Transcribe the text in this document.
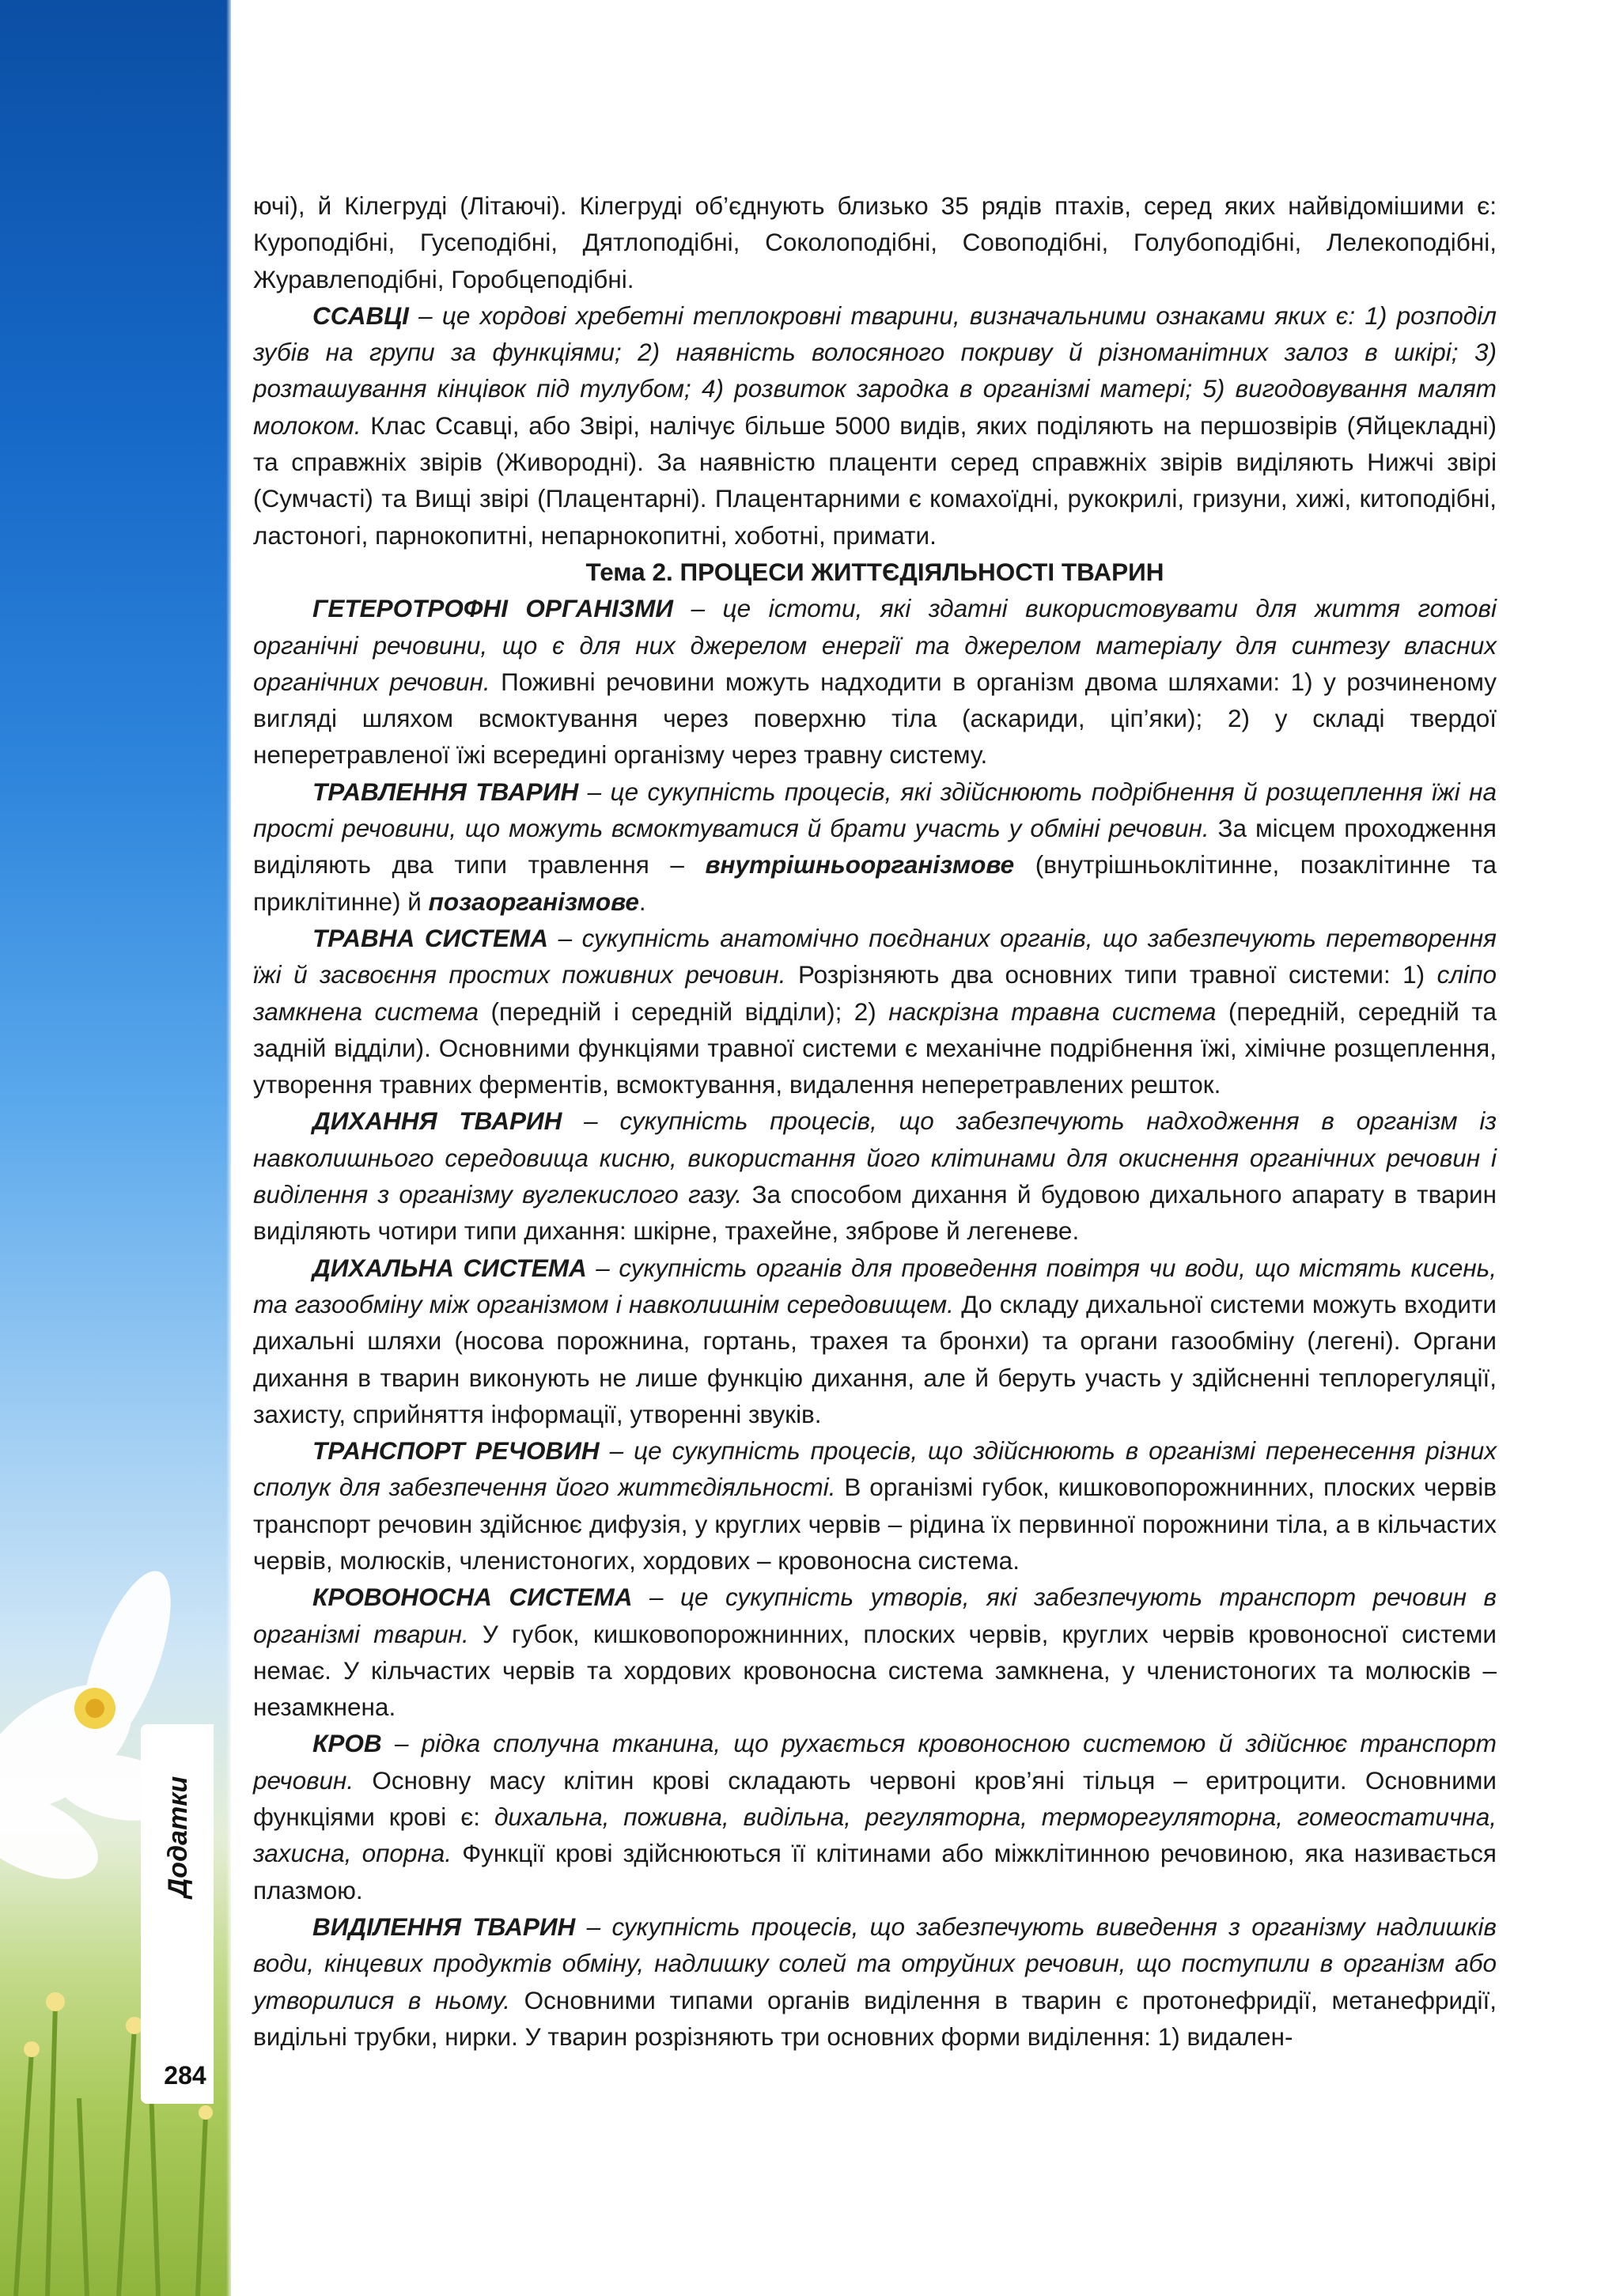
Додатки
284

ючі), й Кілегруді (Літаючі). Кілегруді об’єднують близько 35 рядів птахів, серед яких найвідомішими є: Куроподібні, Гусеподібні, Дятлоподібні, Соколоподібні, Совоподібні, Голубоподібні, Лелекоподібні, Журавлеподібні, Горобцеподібні.

ССАВЦІ – це хордові хребетні теплокровні тварини, визначальними ознаками яких є: 1) розподіл зубів на групи за функціями; 2) наявність волосяного покриву й різноманітних залоз в шкірі; 3) розташування кінцівок під тулубом; 4) розвиток зародка в організмі матері; 5) вигодовування малят молоком. Клас Ссавці, або Звірі, налічує більше 5000 видів, яких поділяють на першозвірів (Яйцекладні) та справжніх звірів (Живородні). За наявністю плаценти серед справжніх звірів виділяють Нижчі звірі (Сумчасті) та Вищі звірі (Плацентарні). Плацентарними є комахоїдні, рукокрилі, гризуни, хижі, китоподібні, ластоногі, парнокопитні, непарнокопитні, хоботні, примати.

Тема 2. ПРОЦЕСИ ЖИТТЄДІЯЛЬНОСТІ ТВАРИН

ГЕТЕРОТРОФНІ ОРГАНІЗМИ – це істоти, які здатні використовувати для життя готові органічні речовини, що є для них джерелом енергії та джерелом матеріалу для синтезу власних органічних речовин. Поживні речовини можуть надходити в організм двома шляхами: 1) у розчиненому вигляді шляхом всмоктування через поверхню тіла (аскариди, ціп’яки); 2) у складі твердої неперетравленої їжі всередині організму через травну систему.

ТРАВЛЕННЯ ТВАРИН – це сукупність процесів, які здійснюють подрібнення й розщеплення їжі на прості речовини, що можуть всмоктуватися й брати участь у обміні речовин. За місцем проходження виділяють два типи травлення – внутрішньоорганізмове (внутрішньоклітинне, позаклітинне та приклітинне) й позаорганізмове.

ТРАВНА СИСТЕМА – сукупність анатомічно поєднаних органів, що забезпечують перетворення їжі й засвоєння простих поживних речовин. Розрізняють два основних типи травної системи: 1) сліпо замкнена система (передній і середній відділи); 2) наскрізна травна система (передній, середній та задній відділи). Основними функціями травної системи є механічне подрібнення їжі, хімічне розщеплення, утворення травних ферментів, всмоктування, видалення неперетравлених решток.

ДИХАННЯ ТВАРИН – сукупність процесів, що забезпечують надходження в організм із навколишнього середовища кисню, використання його клітинами для окиснення органічних речовин і виділення з організму вуглекислого газу. За способом дихання й будовою дихального апарату в тварин виділяють чотири типи дихання: шкірне, трахейне, зяброве й легеневе.

ДИХАЛЬНА СИСТЕМА – сукупність органів для проведення повітря чи води, що містять кисень, та газообміну між організмом і навколишнім середовищем. До складу дихальної системи можуть входити дихальні шляхи (носова порожнина, гортань, трахея та бронхи) та органи газообміну (легені). Органи дихання в тварин виконують не лише функцію дихання, але й беруть участь у здійсненні теплорегуляції, захисту, сприйняття інформації, утворенні звуків.

ТРАНСПОРТ РЕЧОВИН – це сукупність процесів, що здійснюють в організмі перенесення різних сполук для забезпечення його життєдіяльності. В організмі губок, кишковопорожнинних, плоских червів транспорт речовин здійснює дифузія, у круглих червів – рідина їх первинної порожнини тіла, а в кільчастих червів, молюсків, членистоногих, хордових – кровоносна система.

КРОВОНОСНА СИСТЕМА – це сукупність утворів, які забезпечують транспорт речовин в організмі тварин. У губок, кишковопорожнинних, плоских червів, круглих червів кровоносної системи немає. У кільчастих червів та хордових кровоносна система замкнена, у членистоногих та молюсків – незамкнена.

КРОВ – рідка сполучна тканина, що рухається кровоносною системою й здійснює транспорт речовин. Основну масу клітин крові складають червоні кров’яні тільця – еритроцити. Основними функціями крові є: дихальна, поживна, видільна, регуляторна, терморегуляторна, гомеостатична, захисна, опорна. Функції крові здійснюються її клітинами або міжклітинною речовиною, яка називається плазмою.

ВИДІЛЕННЯ ТВАРИН – сукупність процесів, що забезпечують виведення з організму надлишків води, кінцевих продуктів обміну, надлишку солей та отруйних речовин, що поступили в організм або утворилися в ньому. Основними типами органів виділення в тварин є протонефридії, метанефридії, видільні трубки, нирки. У тварин розрізняють три основних форми виділення: 1) видален-
